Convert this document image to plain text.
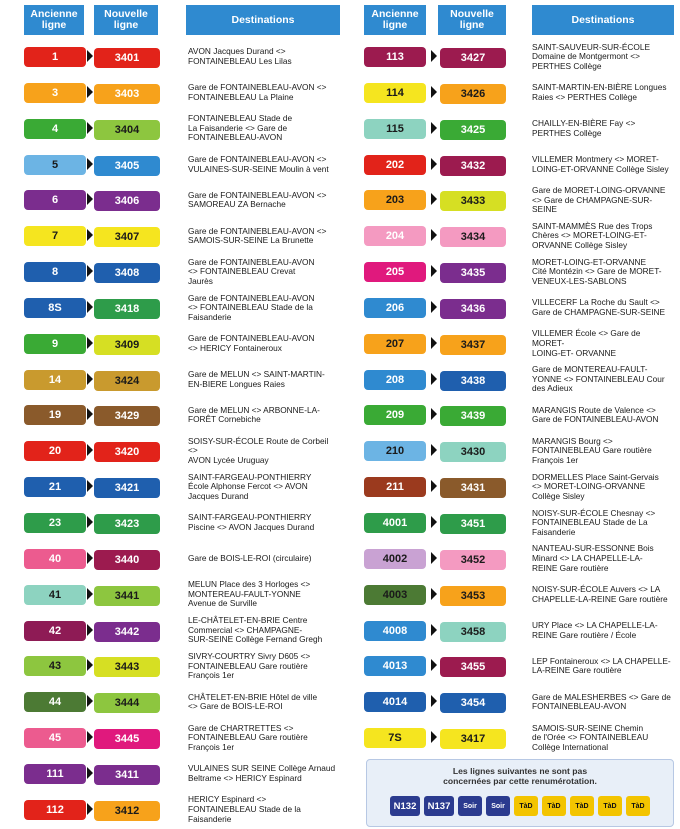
Ancienne
ligne
Nouvelle
ligne	Destinations
1	3401
AVON Jacques Durand <>
FONTAINEBLEAU Les Lilas
3	3403
Gare de FONTAINEBLEAU-AVON <>
FONTAINEBLEAU La Plaine
4	3404
FONTAINEBLEAU Stade de
La Faisanderie <> Gare de
FONTAINEBLEAU-AVON
5	3405
Gare de FONTAINEBLEAU-AVON <>
VULAINES-SUR-SEINE Moulin à vent
6	3406
Gare de FONTAINEBLEAU-AVON <>
SAMOREAU ZA Bernache
7	3407
Gare de FONTAINEBLEAU-AVON <>
SAMOIS-SUR-SEINE La Brunette
8	3408
Gare de FONTAINEBLEAU-AVON
<> FONTAINEBLEAU Crevat
Jaurès
8S	3418
Gare de FONTAINEBLEAU-AVON
<> FONTAINEBLEAU Stade de la
Faisanderie
9	3409
Gare de FONTAINEBLEAU-AVON
<> HERICY Fontaineroux
14	3424
Gare de MELUN <> SAINT-MARTIN-
EN-BIERE Longues Raies
19	3429
Gare de MELUN <> ARBONNE-LA-
FORÊT Cornebiche
20	3420
SOISY-SUR-ÉCOLE Route de Corbeil <>
AVON Lycée Uruguay
21	3421
SAINT-FARGEAU-PONTHIERRY
École Alphonse Fercot <> AVON
Jacques Durand
23	3423
SAINT-FARGEAU-PONTHIERRY
Piscine <> AVON Jacques Durand
40	3440	Gare de BOIS-LE-ROI (circulaire)
41	3441
MELUN Place des 3 Horloges <>
MONTEREAU-FAULT-YONNE
Avenue de Surville
42	3442
LE-CHÂTELET-EN-BRIE Centre
Commercial <> CHAMPAGNE-
SUR-SEINE Collège Fernand Gregh
43	3443
SIVRY-COURTRY Sivry D605 <>
FONTAINEBLEAU Gare routière
François 1er
44	3444
CHÂTELET-EN-BRIE Hôtel de ville
<> Gare de BOIS-LE-ROI
45	3445
Gare de CHARTRETTES <>
FONTAINEBLEAU Gare routière
François 1er
111	3411
VULAINES SUR SEINE Collège Arnaud
Beltrame <> HERICY Espinard
112	3412
HERICY Espinard <>
FONTAINEBLEAU Stade de la
Faisanderie
Ancienne
ligne
Nouvelle
ligne	Destinations
113	3427
SAINT-SAUVEUR-SUR-ÉCOLE
Domaine de Montgermont <>
PERTHES Collège
114	3426
SAINT-MARTIN-EN-BIÈRE Longues
Raies <> PERTHES Collège
115	3425
CHAILLY-EN-BIÈRE Fay <>
PERTHES Collège
202	3432
VILLEMER Montmery <> MORET-
LOING-ET-ORVANNE Collège Sisley
203	3433
Gare de MORET-LOING-ORVANNE
<> Gare de CHAMPAGNE-SUR-
SEINE
204	3434
SAINT-MAMMÈS Rue des Trops
Chères <> MORET-LOING-ET-
ORVANNE Collège Sisley
205	3435
MORET-LOING-ET-ORVANNE
Cité Montézin <> Gare de MORET-
VENEUX-LES-SABLONS
206	3436
VILLECERF La Roche du Sault <>
Gare de CHAMPAGNE-SUR-SEINE
207	3437
VILLEMER École <> Gare de MORET-
LOING-ET- ORVANNE
208	3438
Gare de MONTEREAU-FAULT-
YONNE <> FONTAINEBLEAU Cour
des Adieux
209	3439
MARANGIS Route de Valence <>
Gare de FONTAINEBLEAU-AVON
210	3430
MARANGIS Bourg <>
FONTAINEBLEAU Gare routière
François 1er
211	3431
DORMELLES Place Saint-Gervais
<> MORET-LOING-ORVANNE
Collège Sisley
4001	3451
NOISY-SUR-ÉCOLE Chesnay <>
FONTAINEBLEAU Stade de La
Faisanderie
4002	3452
NANTEAU-SUR-ESSONNE Bois
Minard <> LA CHAPELLE-LA-
REINE Gare routière
4003	3453
NOISY-SUR-ÉCOLE Auvers <> LA
CHAPELLE-LA-REINE Gare routière
4008	3458
URY Place <> LA CHAPELLE-LA-
REINE Gare routière / École
4013	3455
LEP Fontaineroux <> LA CHAPELLE-
LA-REINE Gare routière
4014	3454
Gare de MALESHERBES <> Gare de
FONTAINEBLEAU-AVON
7S	3417
SAMOIS-SUR-SEINE Chemin
de l'Orée <> FONTAINEBLEAU
Collège International
Les lignes suivantes ne sont pas
concernées par cette renumérotation.
N132	N137	Soir	Soir	TàD	TàD	TàD	TàD	TàD
